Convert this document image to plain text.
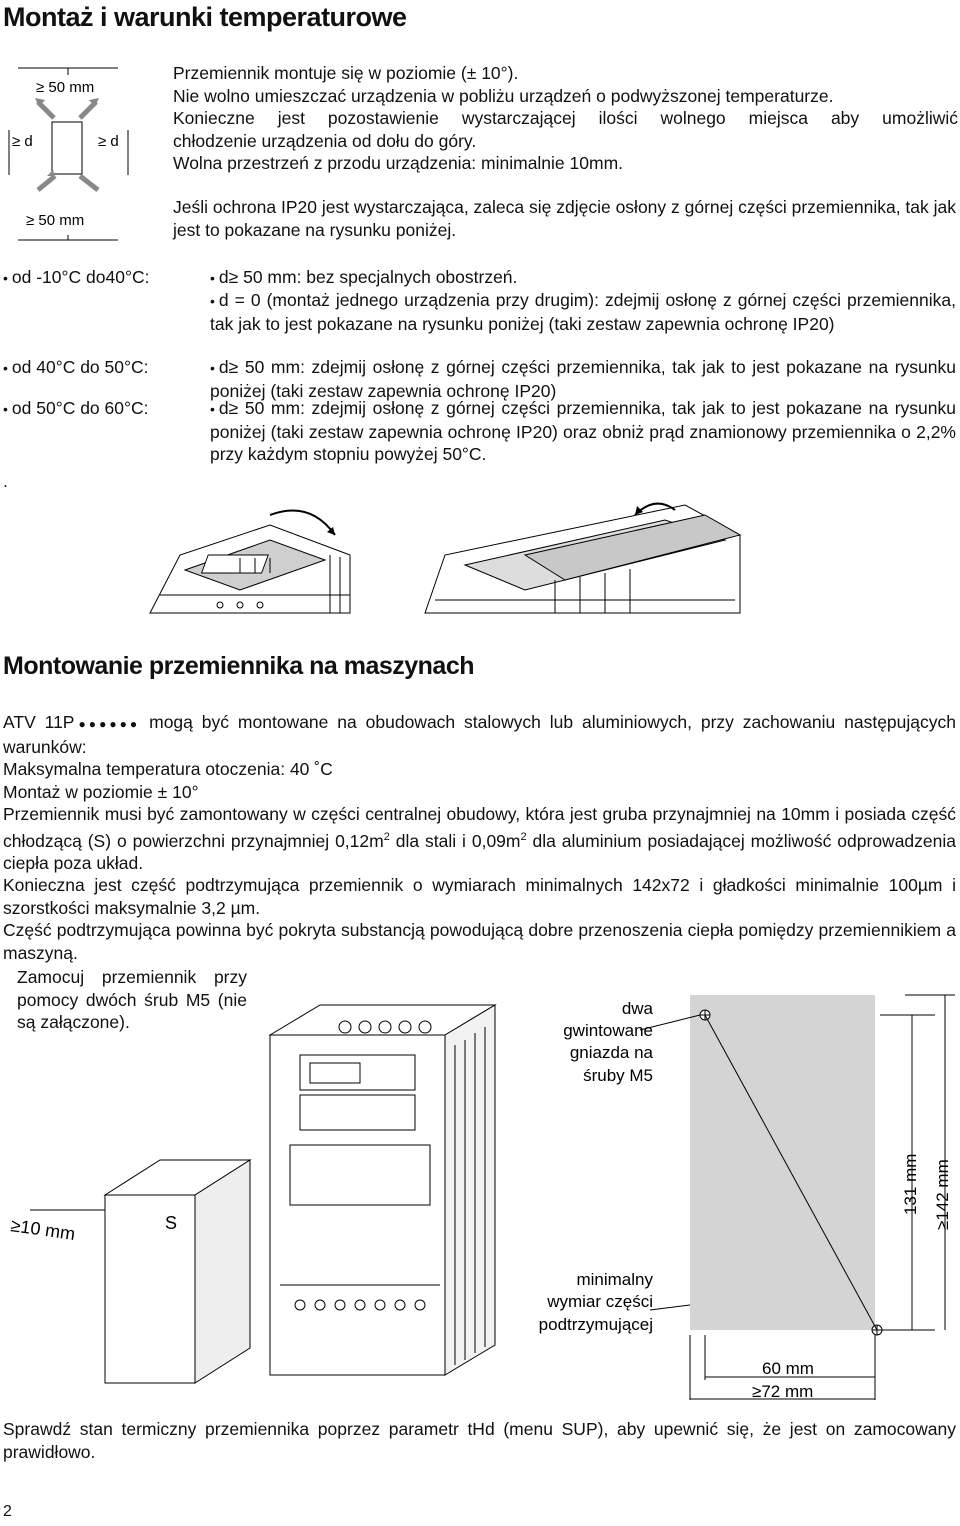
Montaż i warunki temperaturowe
≥ 50 mm
≥ d	≥ d
≥ 50 mm
Przemiennik montuje się w poziomie (± 10°).
Nie wolno umieszczać urządzenia w pobliżu urządzeń o podwyższonej temperaturze.
Konieczne jest pozostawienie wystarczającej ilości wolnego miejsca aby umożliwić
chłodzenie urządzenia od dołu do góry.
Wolna przestrzeń z przodu urządzenia: minimalnie 10mm.
Jeśli ochrona IP20 jest wystarczająca, zaleca się zdjęcie osłony z górnej części przemiennika, tak jak jest to pokazane na rysunku poniżej.
• od -10°C do40°C:	• d≥ 50 mm: bez specjalnych obostrzeń.
• d = 0 (montaż jednego urządzenia przy drugim): zdejmij osłonę z górnej części przemiennika, tak jak to jest pokazane na rysunku poniżej (taki zestaw zapewnia ochronę IP20)
• od 40°C do 50°C:	• d≥ 50 mm: zdejmij osłonę z górnej części przemiennika, tak jak to jest pokazane na rysunku poniżej (taki zestaw zapewnia ochronę IP20)
• od 50°C do 60°C:	• d≥ 50 mm: zdejmij osłonę z górnej części przemiennika, tak jak to jest pokazane na rysunku poniżej (taki zestaw zapewnia ochronę IP20) oraz obniż prąd znamionowy przemiennika o 2,2% przy każdym stopniu powyżej 50°C.
.
Montowanie przemiennika na maszynach
ATV 11P●●●●●● mogą być montowane na obudowach stalowych lub aluminiowych, przy zachowaniu następujących warunków:
Maksymalna temperatura otoczenia: 40 ˚C
Montaż w poziomie ± 10°
Przemiennik musi być zamontowany w części centralnej obudowy, która jest gruba przynajmniej na 10mm i posiada część chłodzącą (S) o powierzchni przynajmniej $0,12m^2$ dla stali i $0,09m^2$ dla aluminium posiadającej możliwość odprowadzenia ciepła poza układ.
Konieczna jest część podtrzymująca przemiennik o wymiarach minimalnych 142x72 i gładkości minimalnie 100µm i szorstkości maksymalnie 3,2 µm.
Część podtrzymująca powinna być pokryta substancją powodującą dobre przenoszenia ciepła pomiędzy przemiennikiem a maszyną.
Zamocuj przemiennik przy pomocy dwóch śrub M5 (nie są załączone).
≥10 mm	S
dwa
gwintowane
gniazda na
śruby M5
minimalny
wymiar części
podtrzymującej
131 mm ≥142 mm
60 mm
≥72 mm
Sprawdź stan termiczny przemiennika poprzez parametr tHd (menu SUP), aby upewnić się, że jest on zamocowany prawidłowo.
2
